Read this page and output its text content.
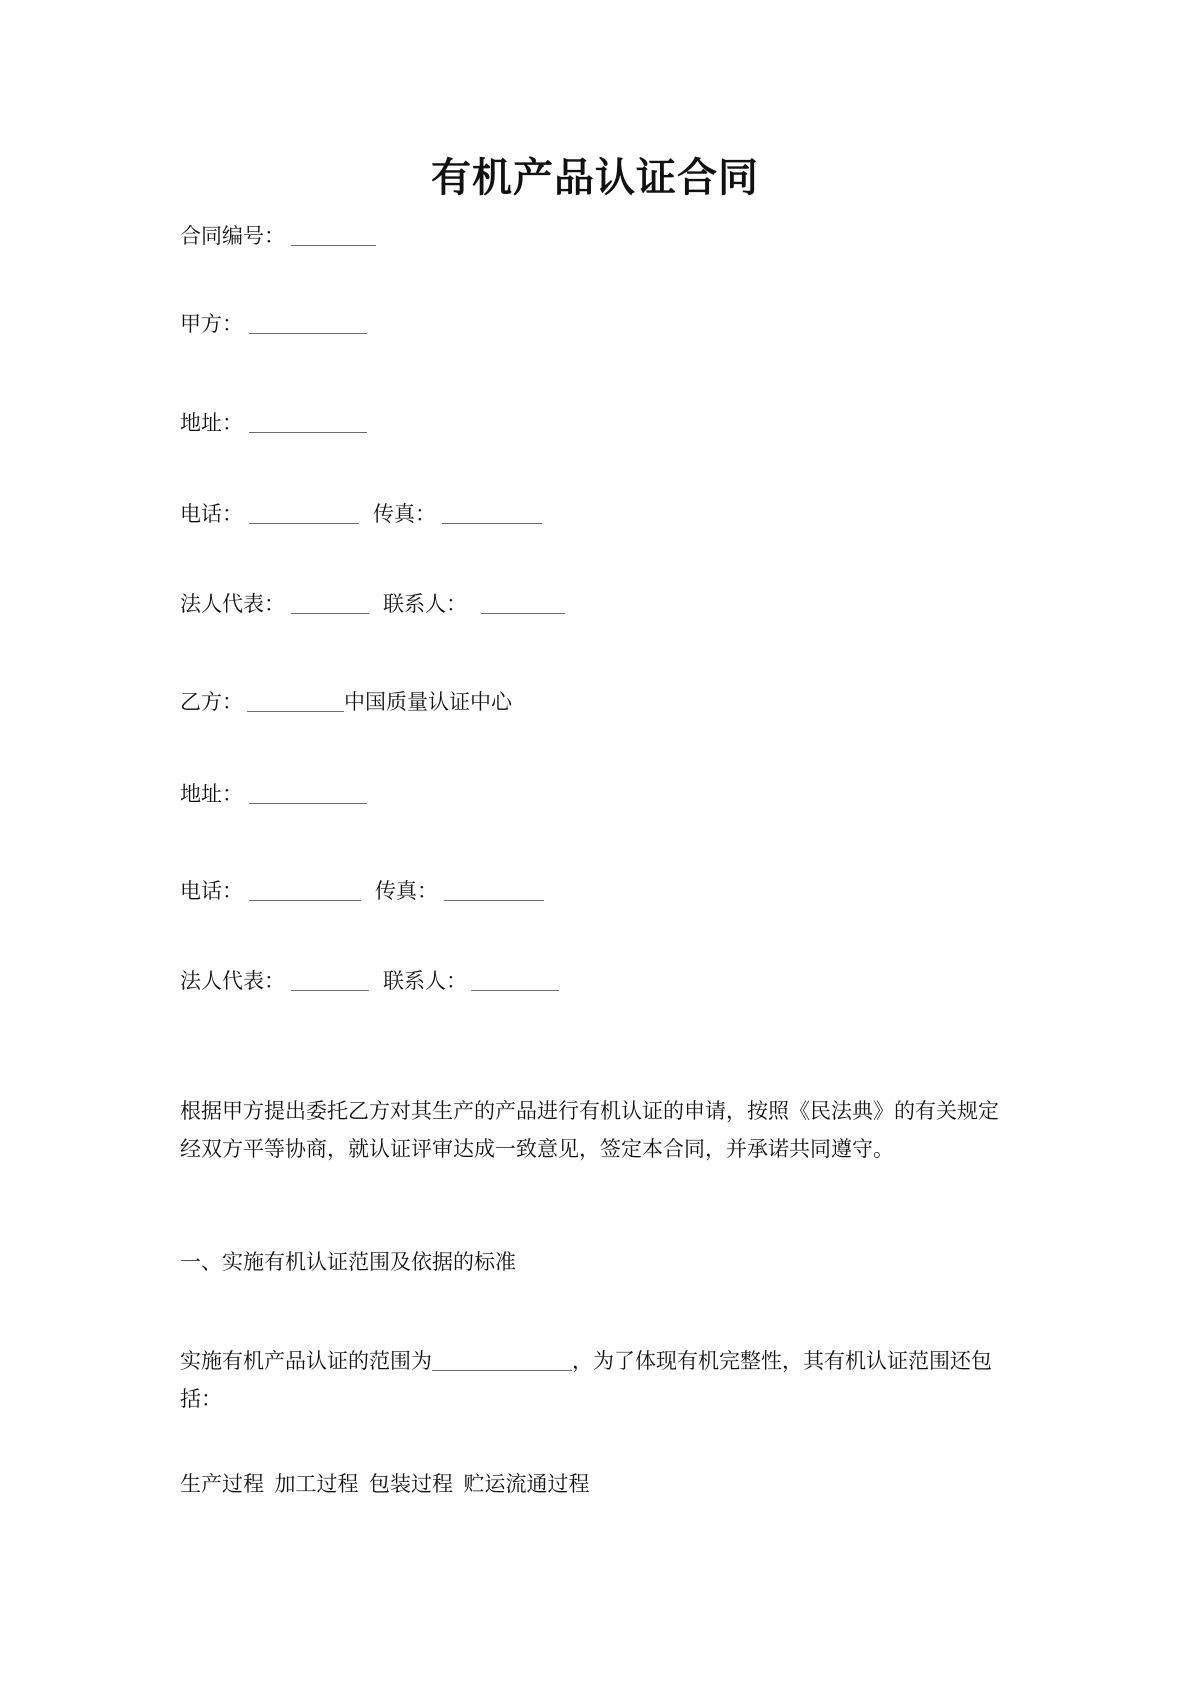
有机产品认证合同
合同编号：
甲方：
地址：
电话：	传真：
法人代表：	联系人：
乙方：	中国质量认证中心
地址：
电话：	传真：
法人代表：	联系人：

根据甲方提出委托乙方对其生产的产品进行有机认证的申请，按照《民法典》的有关规定经双方平等协商，就认证评审达成一致意见，签定本合同，并承诺共同遵守。

一、实施有机认证范围及依据的标准

实施有机产品认证的范围为	，为了体现有机完整性，其有机认证范围还包括：

生产过程  加工过程  包装过程  贮运流通过程
